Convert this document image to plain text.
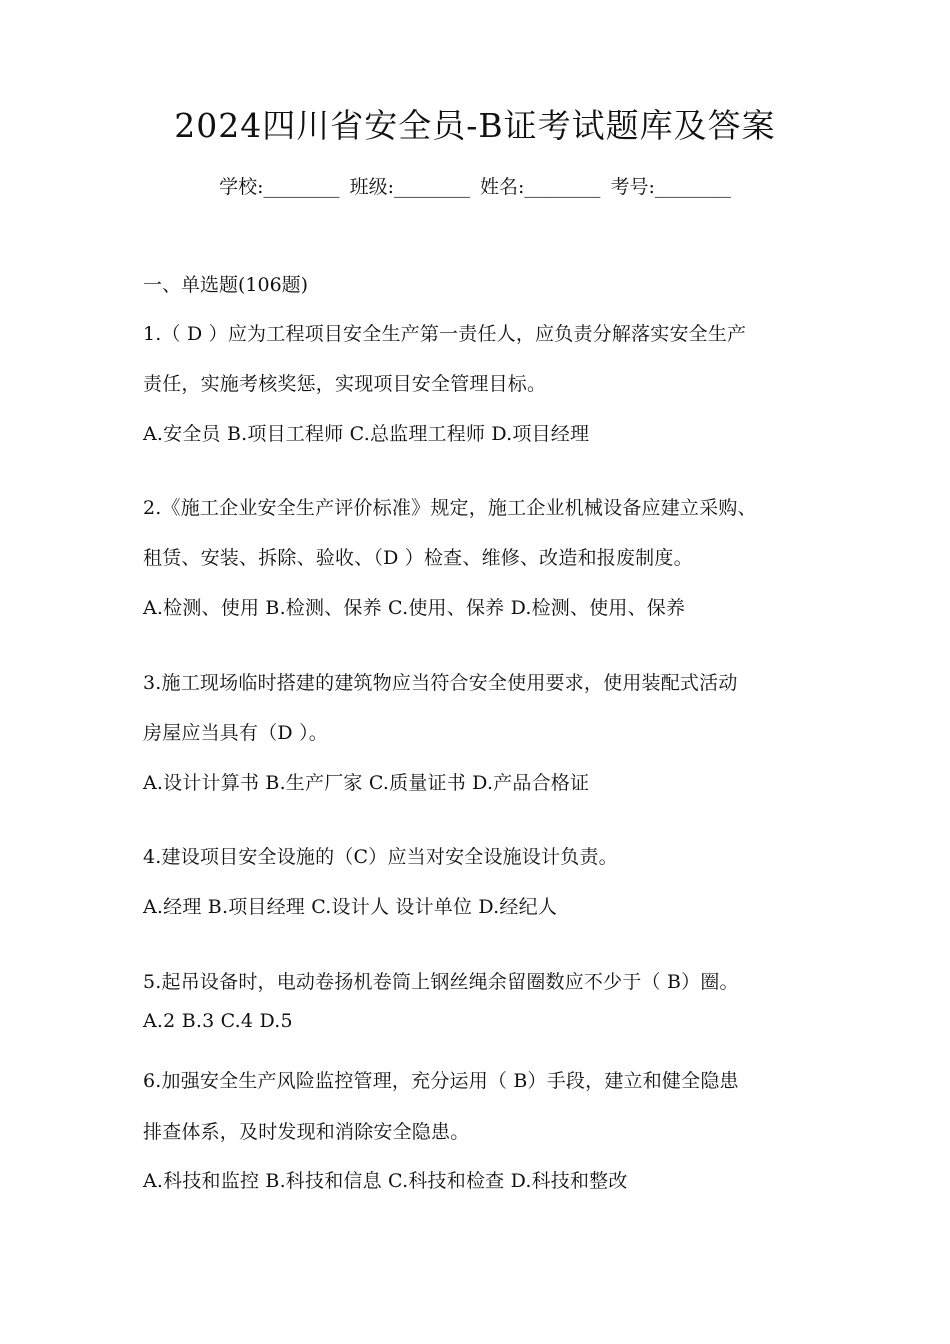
2024四川省安全员-B证考试题库及答案
学校:________ 班级:________ 姓名:________ 考号:________
一、单选题(106题)
1.（ D ）应为工程项目安全生产第一责任人，应负责分解落实安全生产
责任，实施考核奖惩，实现项目安全管理目标。
A.安全员 B.项目工程师 C.总监理工程师 D.项目经理
2.《施工企业安全生产评价标准》规定，施工企业机械设备应建立采购、
租赁、安装、拆除、验收、（D ）检查、维修、改造和报废制度。
A.检测、使用 B.检测、保养 C.使用、保养 D.检测、使用、保养
3.施工现场临时搭建的建筑物应当符合安全使用要求，使用装配式活动
房屋应当具有（D ）。
A.设计计算书 B.生产厂家 C.质量证书 D.产品合格证
4.建设项目安全设施的（C）应当对安全设施设计负责。
A.经理 B.项目经理 C.设计人 设计单位 D.经纪人
5.起吊设备时，电动卷扬机卷筒上钢丝绳余留圈数应不少于（ B）圈。
A.2 B.3 C.4 D.5
6.加强安全生产风险监控管理，充分运用（ B）手段，建立和健全隐患
排查体系，及时发现和消除安全隐患。
A.科技和监控 B.科技和信息 C.科技和检查 D.科技和整改
